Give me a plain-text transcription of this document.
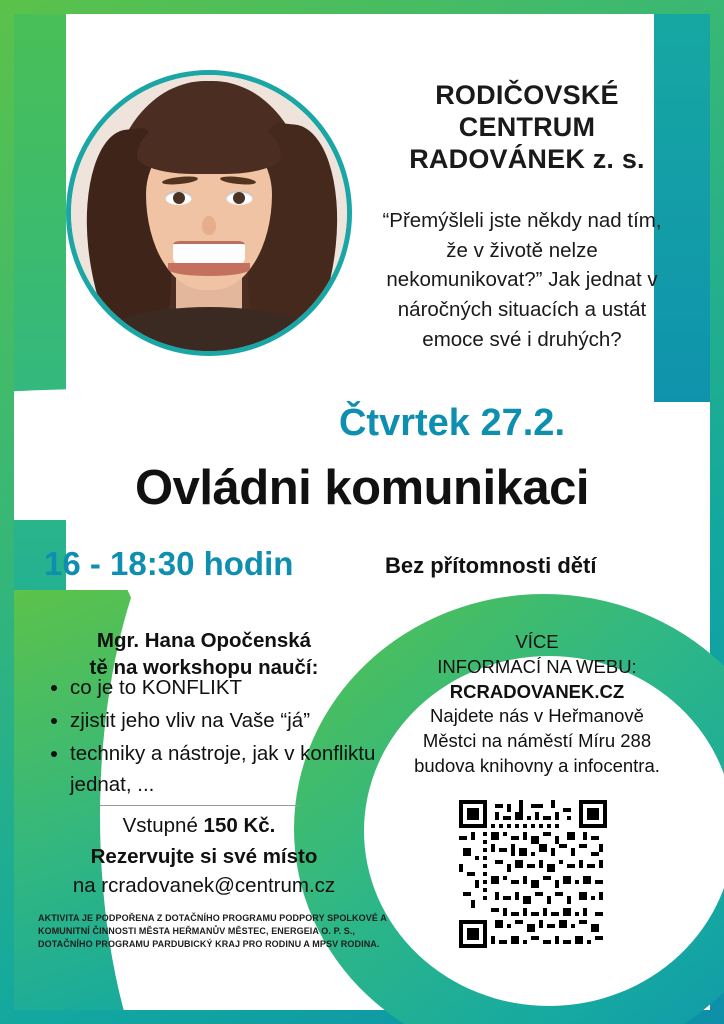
RODIČOVSKÉ
CENTRUM
RADOVÁNEK z. s.
“Přemýšleli jste někdy nad tím, že v životě nelze nekomunikovat?” Jak jednat v náročných situacích a ustát emoce své i druhých?
Čtvrtek 27.2.
Ovládni komunikaci
16 - 18:30 hodin	Bez přítomnosti dětí
Mgr. Hana Opočenská
tě na workshopu naučí:
• co je to KONFLIKT
• zjistit jeho vliv na Vaše “já”
• techniky a nástroje, jak v konfliktu jednat, ...
Vstupné 150 Kč.
Rezervujte si své místo
na rcradovanek@centrum.cz
AKTIVITA JE PODPOŘENA Z DOTAČNÍHO PROGRAMU PODPORY SPOLKOVÉ A KOMUNITNÍ ČINNOSTI MĚSTA HEŘMANŮV MĚSTEC, ENERGEIA O. P. S., DOTAČNÍHO PROGRAMU PARDUBICKÝ KRAJ PRO RODINU A MPSV RODINA.
VÍCE
INFORMACÍ NA WEBU:
RCRADOVANEK.CZ
Najdete nás v Heřmanově
Městci na náměstí Míru 288
budova knihovny a infocentra.
